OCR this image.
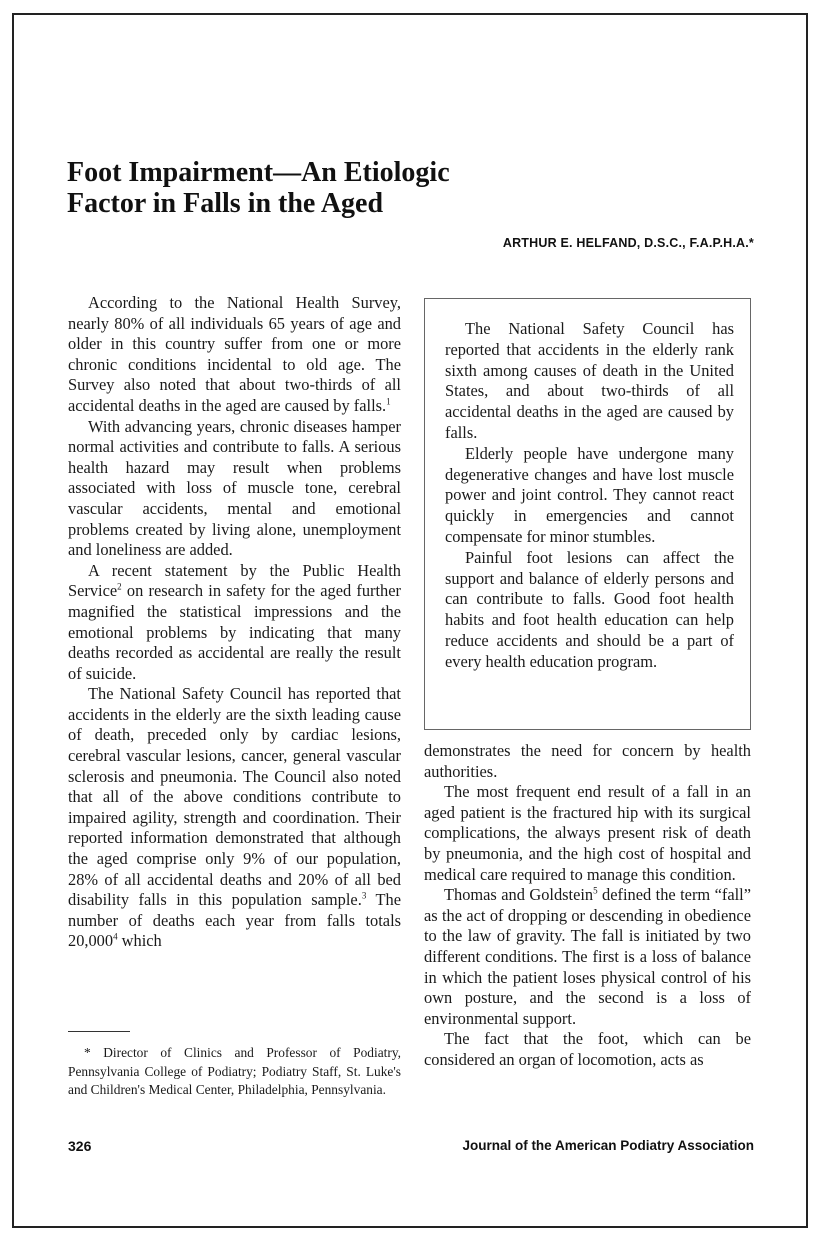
Foot Impairment—An Etiologic
Factor in Falls in the Aged
ARTHUR E. HELFAND, D.S.C., F.A.P.H.A.*

According to the National Health Survey, nearly 80% of all individuals 65 years of age and older in this country suffer from one or more chronic conditions incidental to old age. The Survey also noted that about two-thirds of all accidental deaths in the aged are caused by falls.$^1$

With advancing years, chronic diseases hamper normal activities and contribute to falls. A serious health hazard may result when problems associated with loss of muscle tone, cerebral vascular accidents, mental and emotional problems created by living alone, unemployment and loneliness are added.

A recent statement by the Public Health Service$^2$ on research in safety for the aged further magnified the statistical impressions and the emotional problems by indicating that many deaths recorded as accidental are really the result of suicide.

The National Safety Council has reported that accidents in the elderly are the sixth leading cause of death, preceded only by cardiac lesions, cerebral vascular lesions, cancer, general vascular sclerosis and pneumonia. The Council also noted that all of the above conditions contribute to impaired agility, strength and coordination. Their reported information demonstrated that although the aged comprise only 9% of our population, 28% of all accidental deaths and 20% of all bed disability falls in this population sample.$^3$ The number of deaths each year from falls totals 20,000$^4$ which

* Director of Clinics and Professor of Podiatry, Pennsylvania College of Podiatry; Podiatry Staff, St. Luke's and Children's Medical Center, Philadelphia, Pennsylvania.

The National Safety Council has reported that accidents in the elderly rank sixth among causes of death in the United States, and about two-thirds of all accidental deaths in the aged are caused by falls.

Elderly people have undergone many degenerative changes and have lost muscle power and joint control. They cannot react quickly in emergencies and cannot compensate for minor stumbles.

Painful foot lesions can affect the support and balance of elderly persons and can contribute to falls. Good foot health habits and foot health education can help reduce accidents and should be a part of every health education program.

demonstrates the need for concern by health authorities.

The most frequent end result of a fall in an aged patient is the fractured hip with its surgical complications, the always present risk of death by pneumonia, and the high cost of hospital and medical care required to manage this condition.

Thomas and Goldstein$^5$ defined the term “fall” as the act of dropping or descending in obedience to the law of gravity. The fall is initiated by two different conditions. The first is a loss of balance in which the patient loses physical control of his own posture, and the second is a loss of environmental support.

The fact that the foot, which can be considered an organ of locomotion, acts as

326	Journal of the American Podiatry Association
